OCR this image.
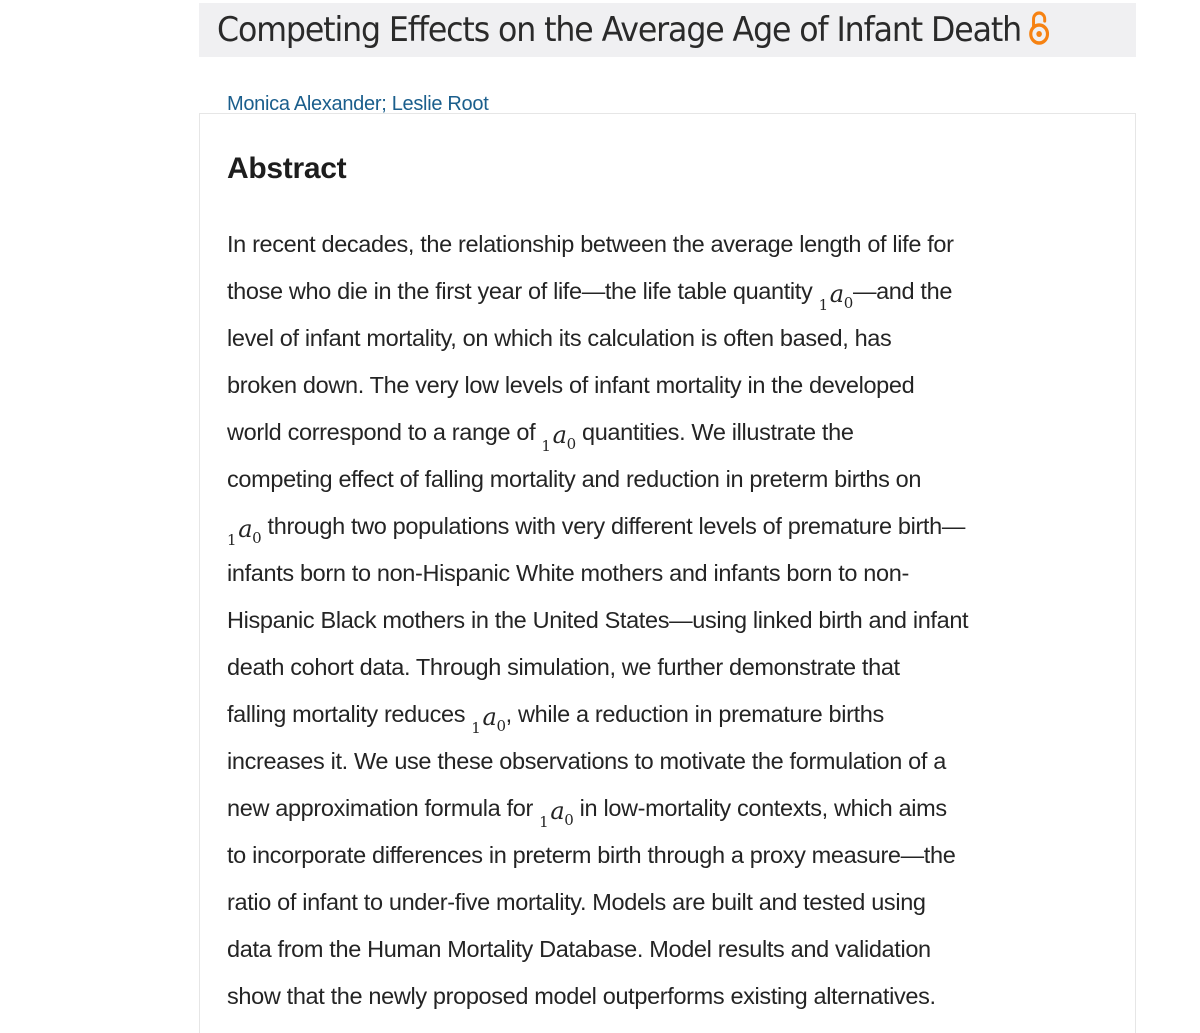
Competing Effects on the Average Age of Infant Death
Monica Alexander; Leslie Root
Abstract
In recent decades, the relationship between the average length of life for
those who die in the first year of life—the life table quantity $_1a_0—and$ the
level of infant mortality, on which its calculation is often based, has
broken down. The very low levels of infant mortality in the developed
world correspond to a range of $_1a_0$ quantities. We illustrate the
competing effect of falling mortality and reduction in preterm births on
$_1a_0$ through two populations with very different levels of premature birth—
infants born to non-Hispanic White mothers and infants born to non-
Hispanic Black mothers in the United States—using linked birth and infant
death cohort data. Through simulation, we further demonstrate that
falling mortality reduces $_1a_0$, while a reduction in premature births
increases it. We use these observations to motivate the formulation of a
new approximation formula for $_1a_0$ in low-mortality contexts, which aims
to incorporate differences in preterm birth through a proxy measure—the
ratio of infant to under-five mortality. Models are built and tested using
data from the Human Mortality Database. Model results and validation
show that the newly proposed model outperforms existing alternatives.
